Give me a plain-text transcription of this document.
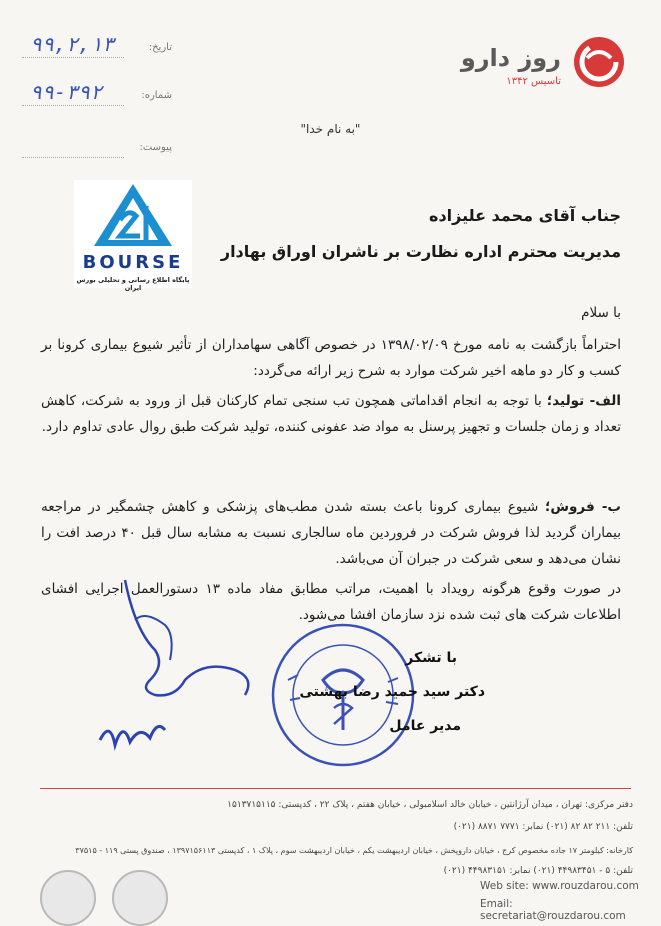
۹۹,۲,۱۳	تاریخ:
۹۹-۳۹۲	شماره:
پیوست:
روز دارو
تاسیس ۱۳۴۲
"به نام خدا"
BOURSE
پایگاه اطلاع رسانی و تحلیلی بورس ایران
جناب آقای محمد علیزاده
مدیریت محترم اداره نظارت بر ناشران اوراق بهادار
با سلام
احتراماً بازگشت به نامه مورخ ۱۳۹۸/۰۲/۰۹ در خصوص آگاهی سهامداران از تأثیر شیوع بیماری کرونا بر کسب و کار دو ماهه اخیر شرکت موارد به شرح زیر ارائه می‌گردد:
الف- تولید؛ با توجه به انجام اقداماتی همچون تب سنجی تمام کارکنان قبل از ورود به شرکت، کاهش تعداد و زمان جلسات و تجهیز پرسنل به مواد ضد عفونی کننده، تولید شرکت طبق روال عادی تداوم دارد.
ب- فروش؛ شیوع بیماری کرونا باعث بسته شدن مطب‌های پزشکی و کاهش چشمگیر در مراجعه بیماران گردید لذا فروش شرکت در فروردین ماه سالجاری نسبت به مشابه سال قبل ۴۰ درصد افت را نشان می‌دهد و سعی شرکت در جبران آن می‌باشد.
در صورت وقوع هرگونه رویداد با اهمیت، مراتب مطابق مفاد ماده ۱۳ دستورالعمل اجرایی افشای اطلاعات شرکت های ثبت شده نزد سازمان افشا می‌شود.
با تشکر
دکتر سید حمید رضا بهشتی
مدیر عامل
دفتر مرکزی: تهران ، میدان آرژانتین ، خیابان خالد اسلامبولی ، خیابان هفتم ، پلاک ۲۲ ، کدپستی: ۱۵۱۳۷۱۵۱۱۵
تلفن: ۲۱۱ ۸۲ ۸۲ (۰۲۱) نمابر: ۷۷۷۱ ۸۸۷۱ (۰۲۱)
کارخانه: کیلومتر ۱۷ جاده مخصوص کرج ، خیابان داروپخش ، خیابان اردیبهشت یکم ، خیابان اردیبهشت سوم ، پلاک ۱ ، کدپستی ۱۳۹۷۱۵۶۱۱۳ ، صندوق پستی ۱۱۹ - ۳۷۵۱۵
تلفن: ۵ - ۴۴۹۸۳۴۵۱ (۰۲۱) نمابر: ۴۴۹۸۳۱۵۱ (۰۲۱)
Web site: www.rouzdarou.com
Email: secretariat@rouzdarou.com
